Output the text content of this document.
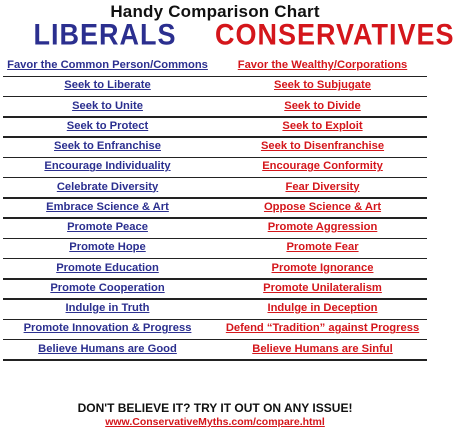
Handy Comparison Chart
LIBERALS	CONSERVATIVES
Favor the Common Person/Commons	Favor the Wealthy/Corporations
Seek to Liberate	Seek to Subjugate
Seek to Unite	Seek to Divide
Seek to Protect	Seek to Exploit
Seek to Enfranchise	Seek to Disenfranchise
Encourage Individuality	Encourage Conformity
Celebrate Diversity	Fear Diversity
Embrace Science & Art	Oppose Science & Art
Promote Peace	Promote Aggression
Promote Hope	Promote Fear
Promote Education	Promote Ignorance
Promote Cooperation	Promote Unilateralism
Indulge in Truth	Indulge in Deception
Promote Innovation & Progress	Defend “Tradition” against Progress
Believe Humans are Good	Believe Humans are Sinful
DON'T BELIEVE IT? TRY IT OUT ON ANY ISSUE!
www.ConservativeMyths.com/compare.html
